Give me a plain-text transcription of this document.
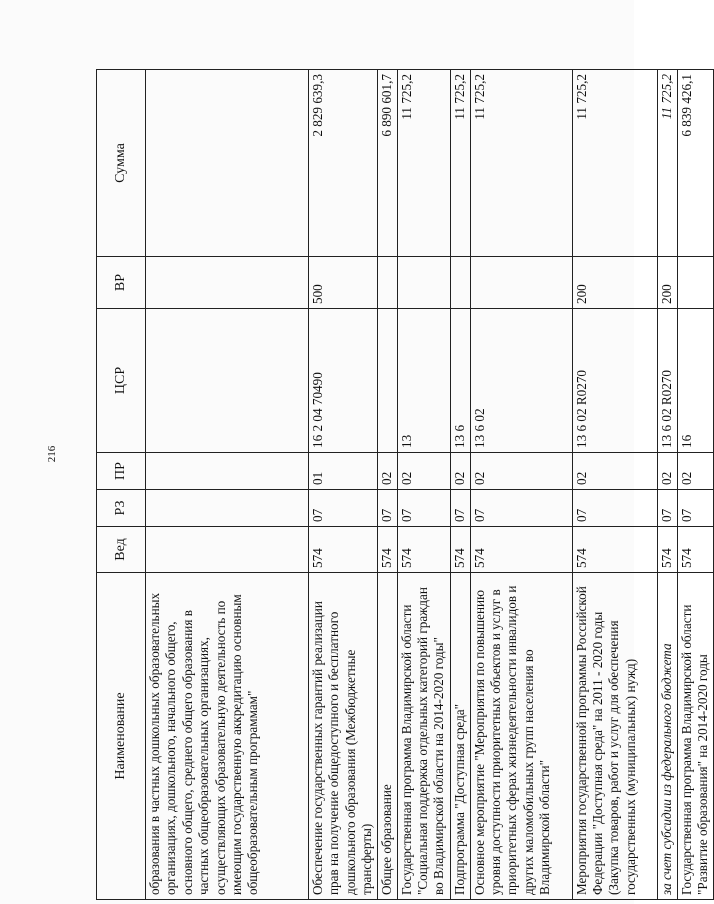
216
Наименование	Вед	РЗ	ПР	ЦСР	ВР	Сумма
образования в частных дошкольных образовательных организациях, дошкольного, начального общего, основного общего, среднего общего образования в частных общеобразовательных организациях, осуществляющих образовательную деятельность по имеющим государственную аккредитацию основным общеобразовательным программам"						
Обеспечение государственных гарантий реализации прав на получение общедоступного и бесплатного дошкольного образования (Межбюджетные трансферты)	574	07	01	16 2 04 70490	500	2 829 639,3
Общее образование	574	07	02			6 890 601,7
Государственная программа Владимирской области "Социальная поддержка отдельных категорий граждан во Владимирской области на 2014-2020 годы"	574	07	02	13		11 725,2
Подпрограмма "Доступная среда"	574	07	02	13 6		11 725,2
Основное мероприятие "Мероприятия по повышению уровня доступности приоритетных объектов и услуг в приоритетных сферах жизнедеятельности инвалидов и других маломобильных групп населения во Владимирской области"	574	07	02	13 6 02		11 725,2
Мероприятия государственной программы Российской Федерации "Доступная среда" на 2011 - 2020 годы (Закупка товаров, работ и услуг для обеспечения государственных (муниципальных) нужд)	574	07	02	13 6 02 R0270	200	11 725,2
за счет субсидии из федерального бюджета	574	07	02	13 6 02 R0270	200	11 725,2
Государственная программа Владимирской области "Развитие образования" на 2014-2020 годы	574	07	02	16		6 839 426,1
